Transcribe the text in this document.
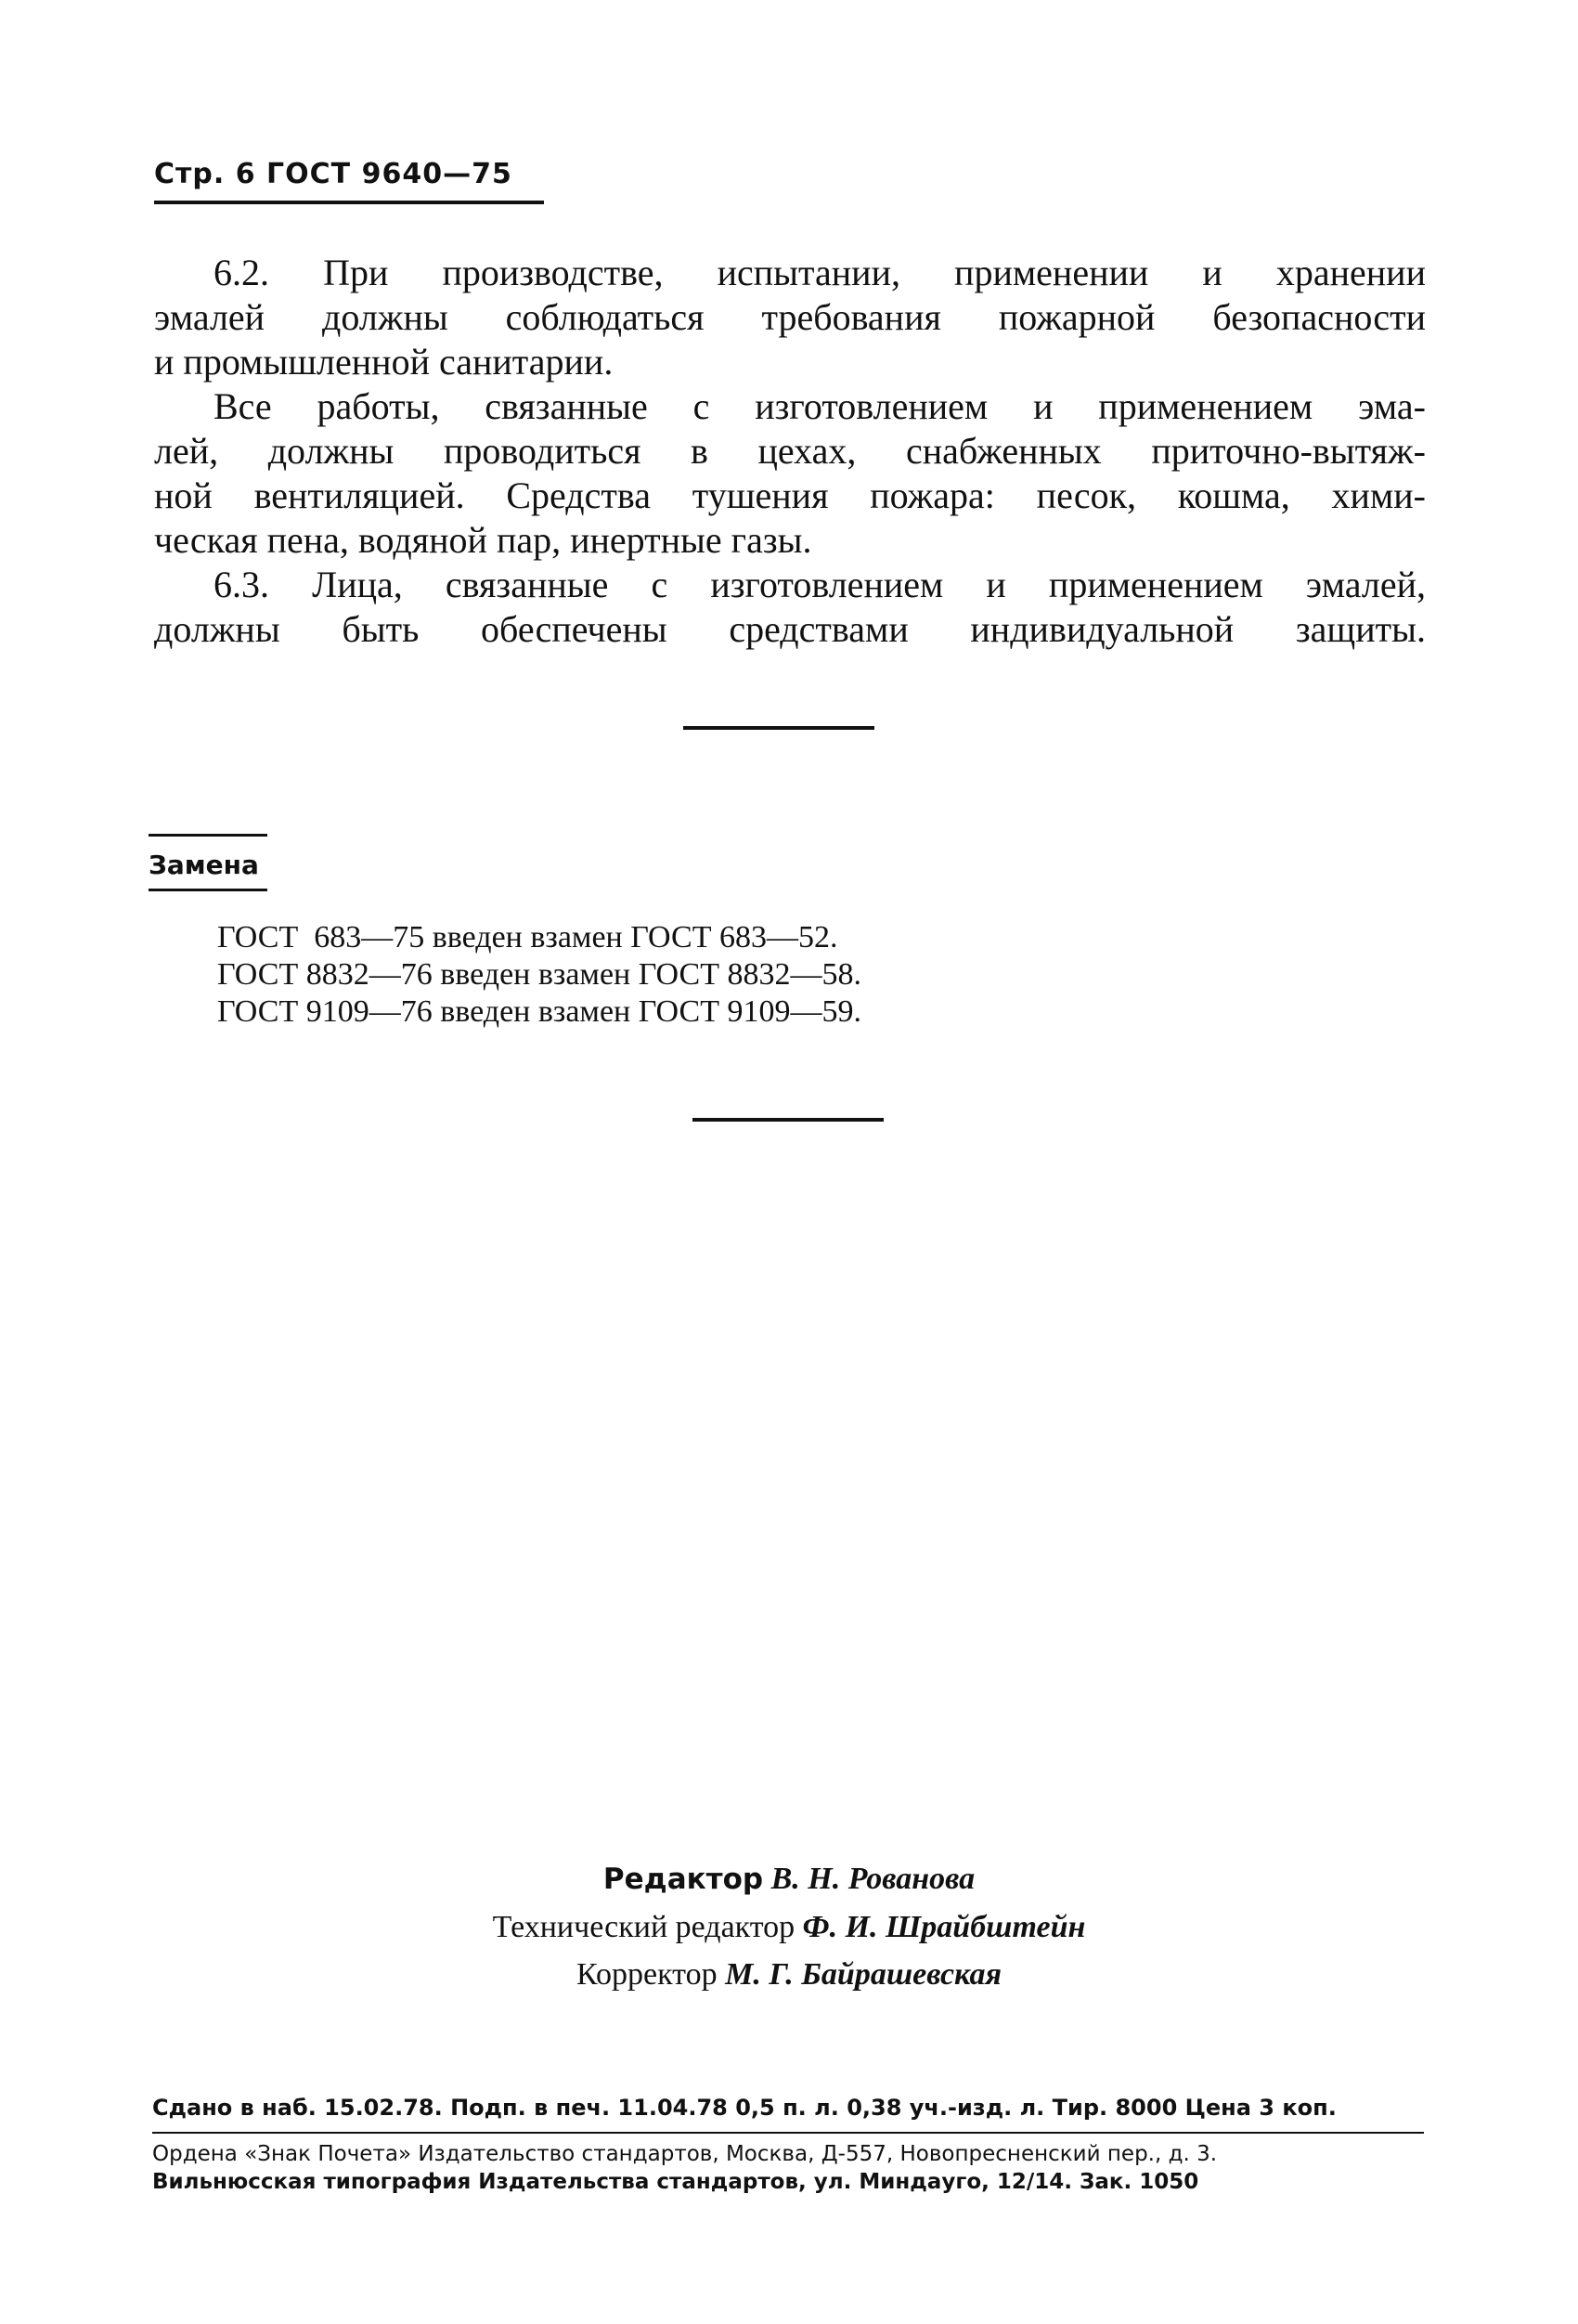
Стр. 6 ГОСТ 9640—75
6.2. При производстве, испытании, применении и хранении
эмалей должны соблюдаться требования пожарной безопасности
и промышленной санитарии.
Все работы, связанные с изготовлением и применением эма-
лей, должны проводиться в цехах, снабженных приточно-вытяж-
ной вентиляцией. Средства тушения пожара: песок, кошма, хими-
ческая пена, водяной пар, инертные газы.
6.3. Лица, связанные с изготовлением и применением эмалей,
должны быть обеспечены средствами индивидуальной защиты.
Замена
ГОСТ  683—75 введен взамен ГОСТ 683—52.
ГОСТ 8832—76 введен взамен ГОСТ 8832—58.
ГОСТ 9109—76 введен взамен ГОСТ 9109—59.
Редактор В. Н. Рованова
Технический редактор Ф. И. Шрайбштейн
Корректор М. Г. Байрашевская
Сдано в наб. 15.02.78. Подп. в печ. 11.04.78 0,5 п. л. 0,38 уч.-изд. л. Тир. 8000 Цена 3 коп.
Ордена «Знак Почета» Издательство стандартов, Москва, Д-557, Новопресненский пер., д. 3.
Вильнюсская типография Издательства стандартов, ул. Миндауго, 12/14. Зак. 1050
